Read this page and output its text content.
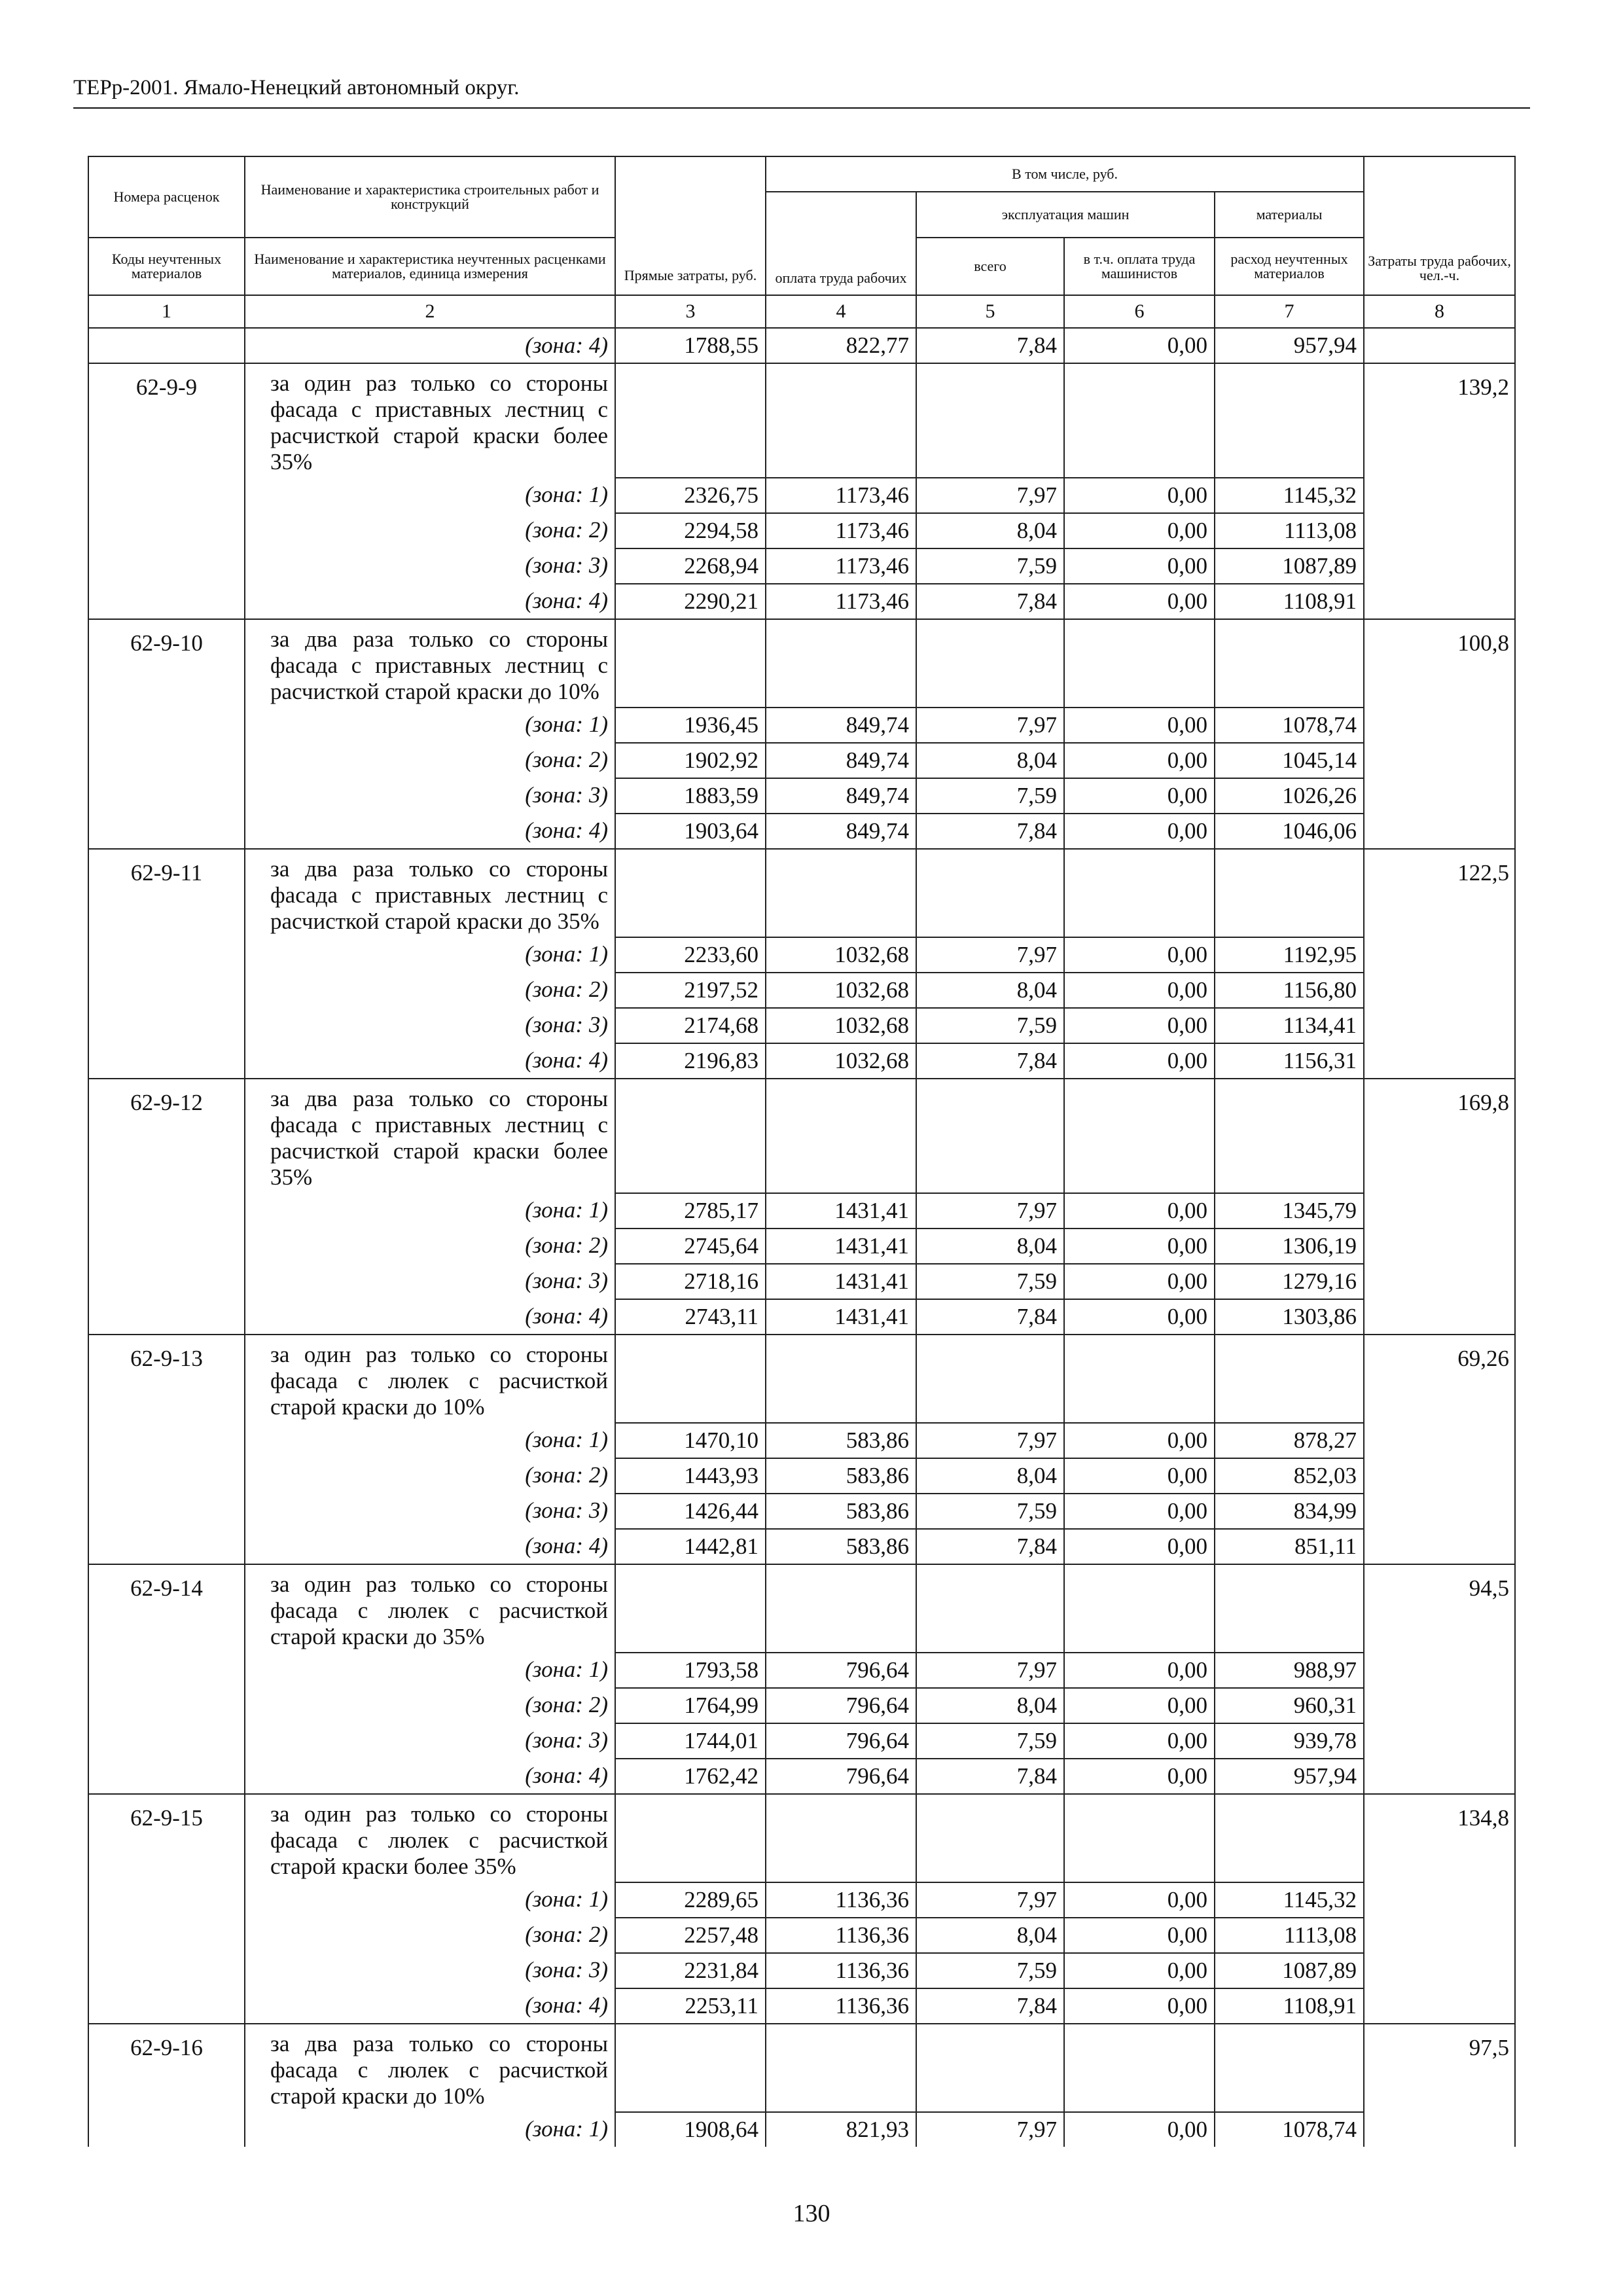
ТЕРр-2001. Ямало-Ненецкий автономный округ.
Номера расценок	Наименование и характеристика строительных работ и конструкций	Прямые затраты, руб.	В том числе, руб.				Затраты труда рабочих, чел.-ч.
			оплата труда рабочих	эксплуатация машин		материалы	
Коды неучтенных материалов	Наименование и характеристика неучтенных расценками материалов, единица измерения			всего	в т.ч. оплата труда машинистов	расход неучтенных материалов	

1	2	3	4	5	6	7	8
	(зона: 4)	1788,55	822,77	7,84	0,00	957,94	
62-9-9	за один раз только со стороны фасада с приставных лестниц с расчисткой старой краски более 35%						139,2
	(зона: 1)	2326,75	1173,46	7,97	0,00	1145,32	
	(зона: 2)	2294,58	1173,46	8,04	0,00	1113,08	
	(зона: 3)	2268,94	1173,46	7,59	0,00	1087,89	
	(зона: 4)	2290,21	1173,46	7,84	0,00	1108,91	
62-9-10	за два раза только со стороны фасада с приставных лестниц с расчисткой старой краски до 10%						100,8
	(зона: 1)	1936,45	849,74	7,97	0,00	1078,74	
	(зона: 2)	1902,92	849,74	8,04	0,00	1045,14	
	(зона: 3)	1883,59	849,74	7,59	0,00	1026,26	
	(зона: 4)	1903,64	849,74	7,84	0,00	1046,06	
62-9-11	за два раза только со стороны фасада с приставных лестниц с расчисткой старой краски до 35%						122,5
	(зона: 1)	2233,60	1032,68	7,97	0,00	1192,95	
	(зона: 2)	2197,52	1032,68	8,04	0,00	1156,80	
	(зона: 3)	2174,68	1032,68	7,59	0,00	1134,41	
	(зона: 4)	2196,83	1032,68	7,84	0,00	1156,31	
62-9-12	за два раза только со стороны фасада с приставных лестниц с расчисткой старой краски более 35%						169,8
	(зона: 1)	2785,17	1431,41	7,97	0,00	1345,79	
	(зона: 2)	2745,64	1431,41	8,04	0,00	1306,19	
	(зона: 3)	2718,16	1431,41	7,59	0,00	1279,16	
	(зона: 4)	2743,11	1431,41	7,84	0,00	1303,86	
62-9-13	за один раз только со стороны фасада с люлек с расчисткой старой краски до 10%						69,26
	(зона: 1)	1470,10	583,86	7,97	0,00	878,27	
	(зона: 2)	1443,93	583,86	8,04	0,00	852,03	
	(зона: 3)	1426,44	583,86	7,59	0,00	834,99	
	(зона: 4)	1442,81	583,86	7,84	0,00	851,11	
62-9-14	за один раз только со стороны фасада с люлек с расчисткой старой краски до 35%						94,5
	(зона: 1)	1793,58	796,64	7,97	0,00	988,97	
	(зона: 2)	1764,99	796,64	8,04	0,00	960,31	
	(зона: 3)	1744,01	796,64	7,59	0,00	939,78	
	(зона: 4)	1762,42	796,64	7,84	0,00	957,94	
62-9-15	за один раз только со стороны фасада с люлек с расчисткой старой краски более 35%						134,8
	(зона: 1)	2289,65	1136,36	7,97	0,00	1145,32	
	(зона: 2)	2257,48	1136,36	8,04	0,00	1113,08	
	(зона: 3)	2231,84	1136,36	7,59	0,00	1087,89	
	(зона: 4)	2253,11	1136,36	7,84	0,00	1108,91	
62-9-16	за два раза только со стороны фасада с люлек с расчисткой старой краски до 10%						97,5
	(зона: 1)	1908,64	821,93	7,97	0,00	1078,74	
130
